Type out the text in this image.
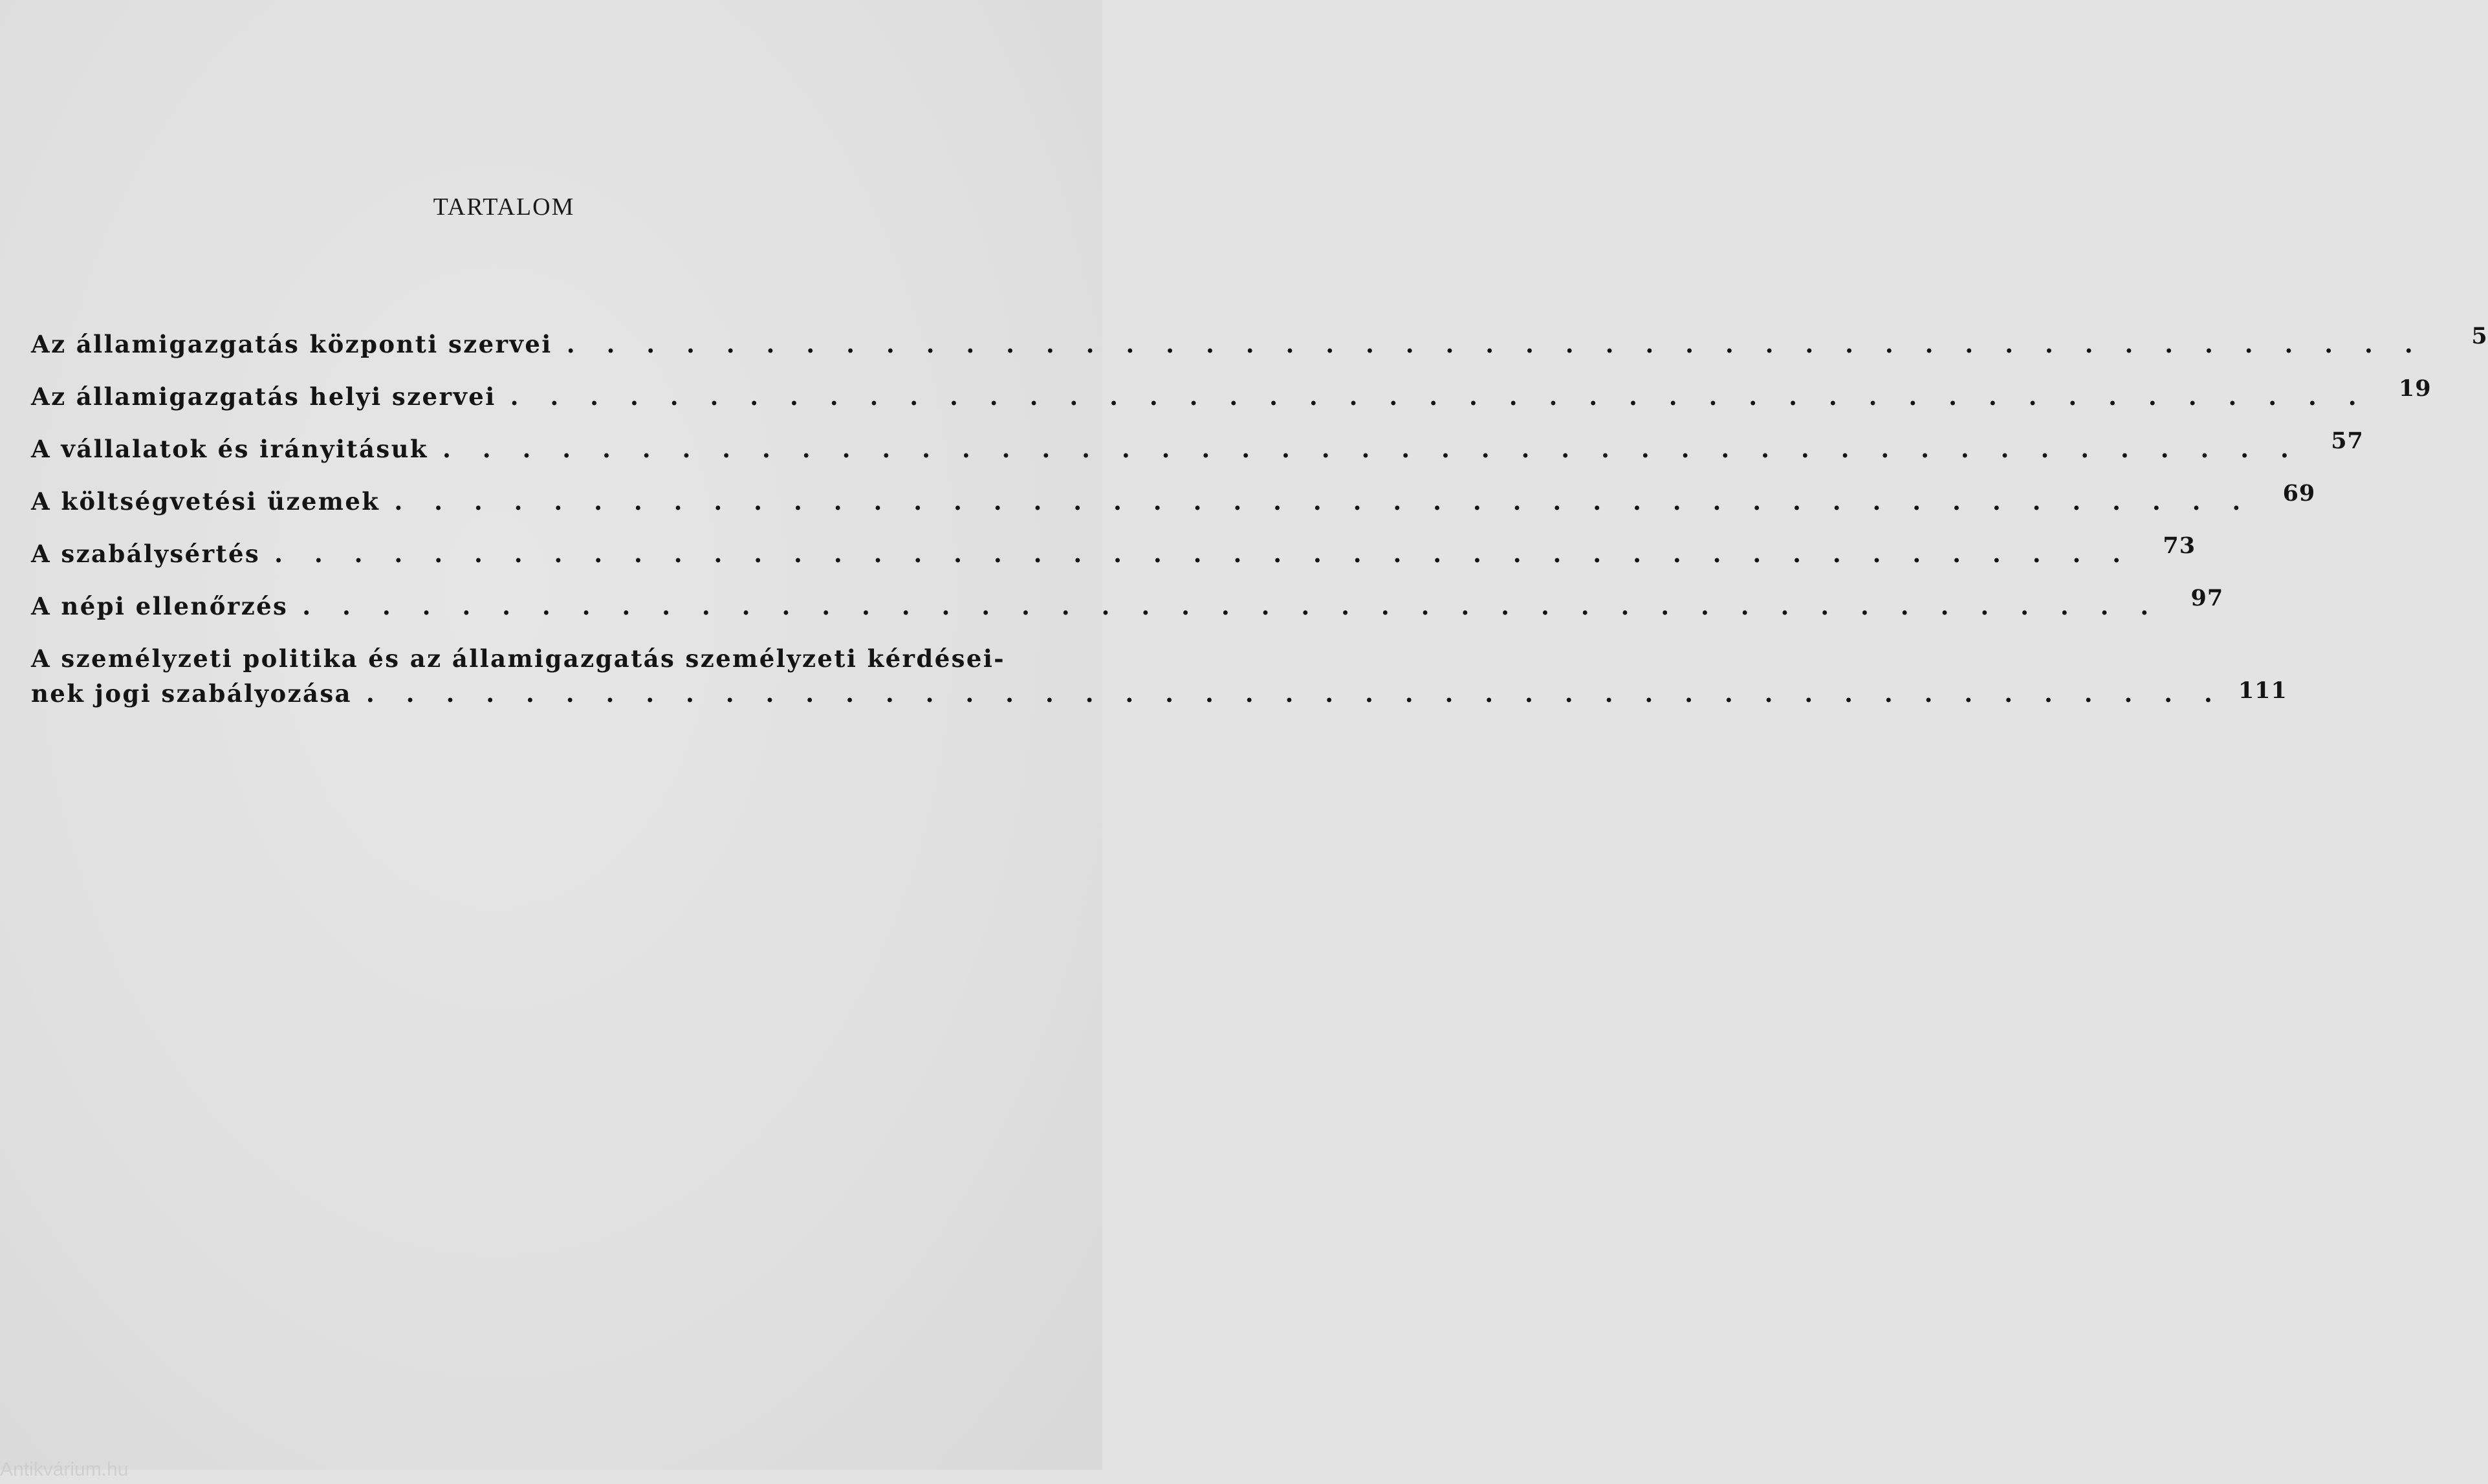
TARTALOM
Az államigazgatás központi szervei . . . . . . . . . . . . . . . . . . . . . . . . . . . . . . . . . . . . . . . . . . . . . . .	5
Az államigazgatás helyi szervei . . . . . . . . . . . . . . . . . . . . . . . . . . . . . . . . . . . . . . . . . . . . . . .	19
A vállalatok és irányitásuk . . . . . . . . . . . . . . . . . . . . . . . . . . . . . . . . . . . . . . . . . . . . . . .	57
A költségvetési üzemek . . . . . . . . . . . . . . . . . . . . . . . . . . . . . . . . . . . . . . . . . . . . . . .	69
A szabálysértés . . . . . . . . . . . . . . . . . . . . . . . . . . . . . . . . . . . . . . . . . . . . . . .	73
A népi ellenőrzés . . . . . . . . . . . . . . . . . . . . . . . . . . . . . . . . . . . . . . . . . . . . . . .	97
A személyzeti politika és az államigazgatás személyzeti kérdései-
nek jogi szabályozása . . . . . . . . . . . . . . . . . . . . . . . . . . . . . . . . . . . . . . . . . . . . . . . 111
Antikvárium.hu
